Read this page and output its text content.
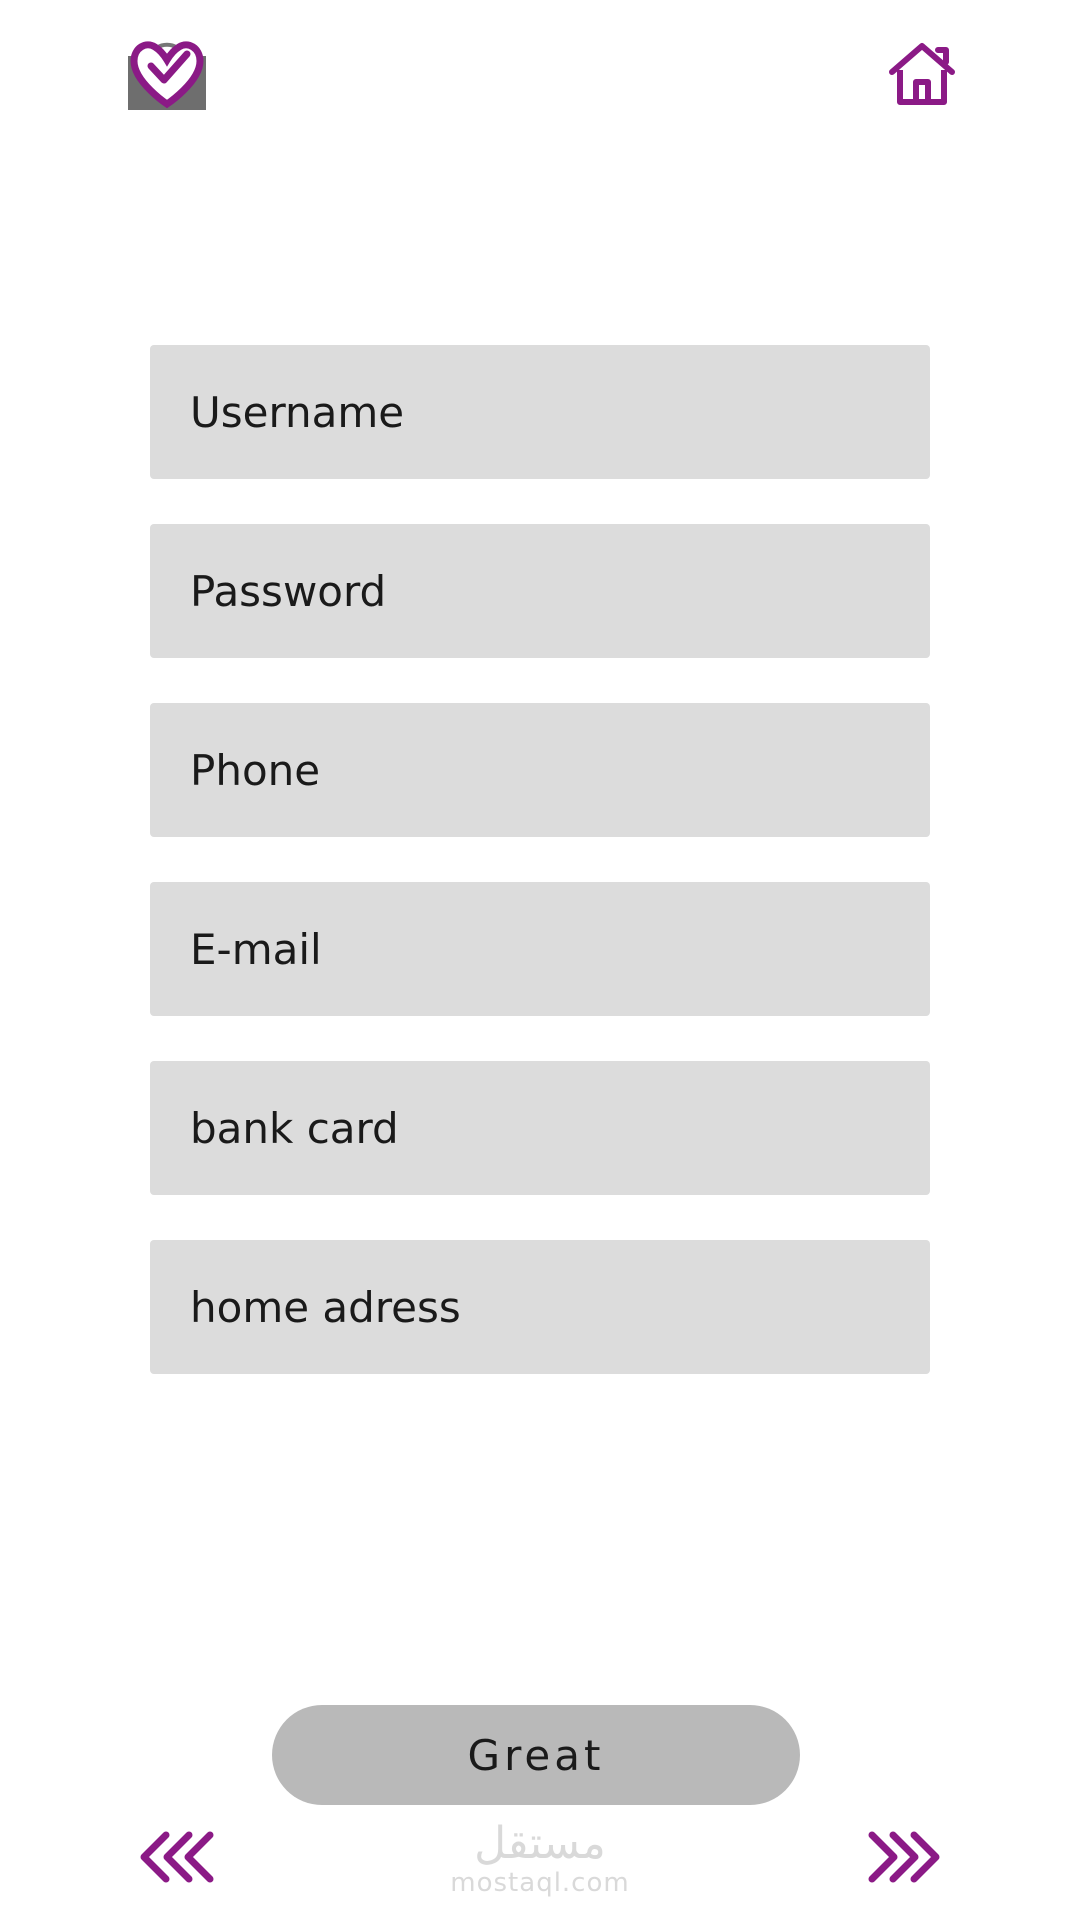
Username
Password
Phone
E-mail
bank card
home adress
Great
مستقل
mostaql.com
